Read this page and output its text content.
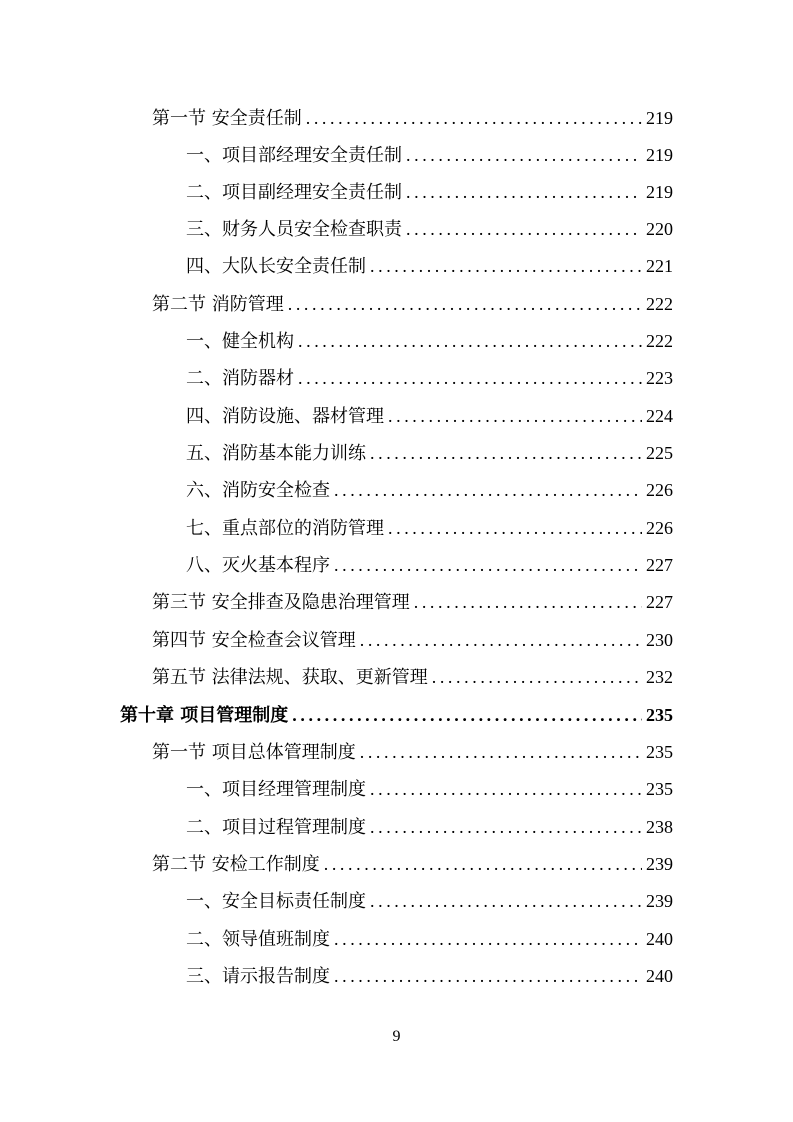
第一节 安全责任制 .....	219
一、项目部经理安全责任制 .....	219
二、项目副经理安全责任制 .....	219
三、财务人员安全检查职责 .....	220
四、大队长安全责任制 .....	221
第二节 消防管理 .....	222
一、健全机构 .....	222
二、消防器材 .....	223
四、消防设施、器材管理 .....	224
五、消防基本能力训练 .....	225
六、消防安全检查 .....	226
七、重点部位的消防管理 .....	226
八、灭火基本程序 .....	227
第三节 安全排查及隐患治理管理 .....	227
第四节 安全检查会议管理 .....	230
第五节 法律法规、获取、更新管理 .....	232
第十章 项目管理制度 .....	235
第一节 项目总体管理制度 .....	235
一、项目经理管理制度 .....	235
二、项目过程管理制度 .....	238
第二节 安检工作制度 .....	239
一、安全目标责任制度 .....	239
二、领导值班制度 .....	240
三、请示报告制度 .....	240
9
